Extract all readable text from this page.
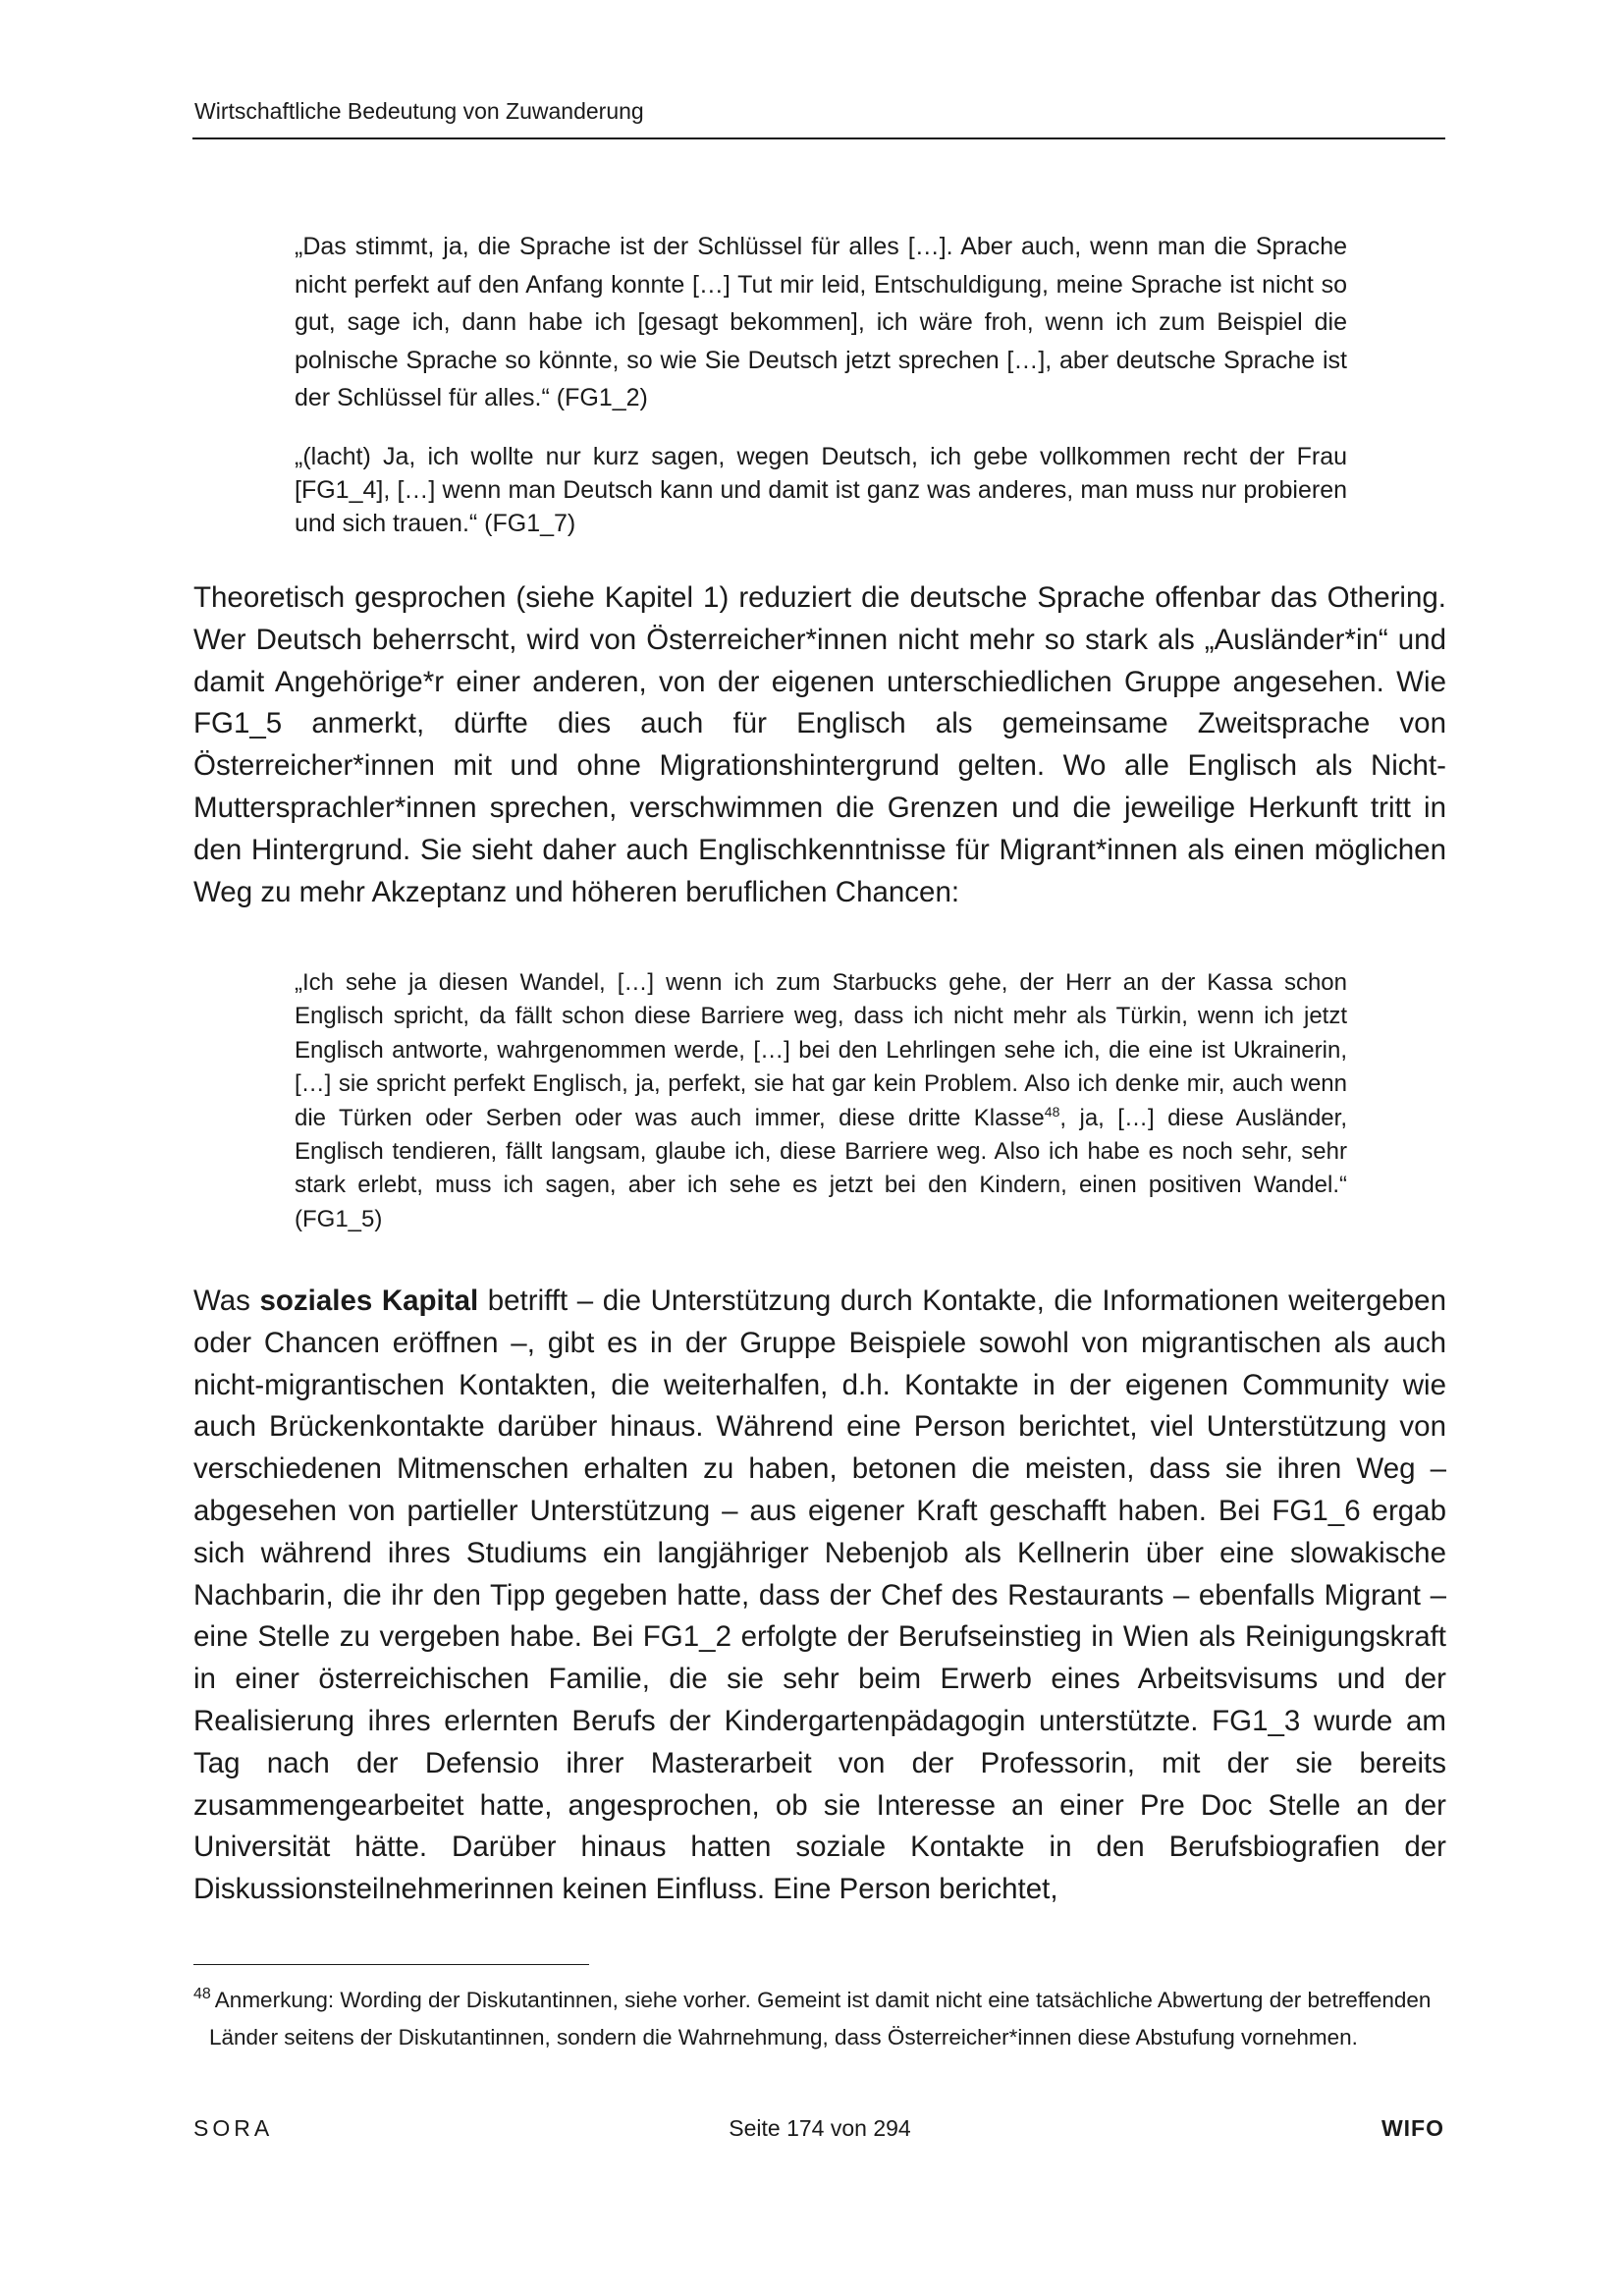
Wirtschaftliche Bedeutung von Zuwanderung

„Das stimmt, ja, die Sprache ist der Schlüssel für alles […]. Aber auch, wenn man die Sprache nicht perfekt auf den Anfang konnte […] Tut mir leid, Entschuldigung, meine Sprache ist nicht so gut, sage ich, dann habe ich [gesagt bekommen], ich wäre froh, wenn ich zum Beispiel die polnische Sprache so könnte, so wie Sie Deutsch jetzt sprechen […], aber deutsche Sprache ist der Schlüssel für alles.“ (FG1_2)

„(lacht) Ja, ich wollte nur kurz sagen, wegen Deutsch, ich gebe vollkommen recht der Frau [FG1_4], […] wenn man Deutsch kann und damit ist ganz was anderes, man muss nur probieren und sich trauen.“ (FG1_7)

Theoretisch gesprochen (siehe Kapitel 1) reduziert die deutsche Sprache offenbar das Othering. Wer Deutsch beherrscht, wird von Österreicher*innen nicht mehr so stark als „Ausländer*in“ und damit Angehörige*r einer anderen, von der eigenen unterschiedlichen Gruppe angesehen. Wie FG1_5 anmerkt, dürfte dies auch für Englisch als gemeinsame Zweitsprache von Österreicher*innen mit und ohne Migrationshintergrund gelten. Wo alle Englisch als Nicht-Muttersprachler*innen sprechen, verschwimmen die Grenzen und die jeweilige Herkunft tritt in den Hintergrund. Sie sieht daher auch Englischkenntnisse für Migrant*innen als einen möglichen Weg zu mehr Akzeptanz und höheren beruflichen Chancen:

„Ich sehe ja diesen Wandel, […] wenn ich zum Starbucks gehe, der Herr an der Kassa schon Englisch spricht, da fällt schon diese Barriere weg, dass ich nicht mehr als Türkin, wenn ich jetzt Englisch antworte, wahrgenommen werde, […] bei den Lehrlingen sehe ich, die eine ist Ukrainerin, […] sie spricht perfekt Englisch, ja, perfekt, sie hat gar kein Problem. Also ich denke mir, auch wenn die Türken oder Serben oder was auch immer, diese dritte Klasse$^{48}$, ja, […] diese Ausländer, Englisch tendieren, fällt langsam, glaube ich, diese Barriere weg. Also ich habe es noch sehr, sehr stark erlebt, muss ich sagen, aber ich sehe es jetzt bei den Kindern, einen positiven Wandel.“ (FG1_5)

Was soziales Kapital betrifft – die Unterstützung durch Kontakte, die Informationen weitergeben oder Chancen eröffnen –, gibt es in der Gruppe Beispiele sowohl von migrantischen als auch nicht-migrantischen Kontakten, die weiterhalfen, d.h. Kontakte in der eigenen Community wie auch Brückenkontakte darüber hinaus. Während eine Person berichtet, viel Unterstützung von verschiedenen Mitmenschen erhalten zu haben, betonen die meisten, dass sie ihren Weg – abgesehen von partieller Unterstützung – aus eigener Kraft geschafft haben. Bei FG1_6 ergab sich während ihres Studiums ein langjähriger Nebenjob als Kellnerin über eine slowakische Nachbarin, die ihr den Tipp gegeben hatte, dass der Chef des Restaurants – ebenfalls Migrant – eine Stelle zu vergeben habe. Bei FG1_2 erfolgte der Berufseinstieg in Wien als Reinigungskraft in einer österreichischen Familie, die sie sehr beim Erwerb eines Arbeitsvisums und der Realisierung ihres erlernten Berufs der Kindergartenpädagogin unterstützte. FG1_3 wurde am Tag nach der Defensio ihrer Masterarbeit von der Professorin, mit der sie bereits zusammengearbeitet hatte, angesprochen, ob sie Interesse an einer Pre Doc Stelle an der Universität hätte. Darüber hinaus hatten soziale Kontakte in den Berufsbiografien der Diskussionsteilnehmerinnen keinen Einfluss. Eine Person berichtet,

$^{48}$ Anmerkung: Wording der Diskutantinnen, siehe vorher. Gemeint ist damit nicht eine tatsächliche Abwertung der betreffenden Länder seitens der Diskutantinnen, sondern die Wahrnehmung, dass Österreicher*innen diese Abstufung vornehmen.

SORA	Seite 174 von 294	WIFO
